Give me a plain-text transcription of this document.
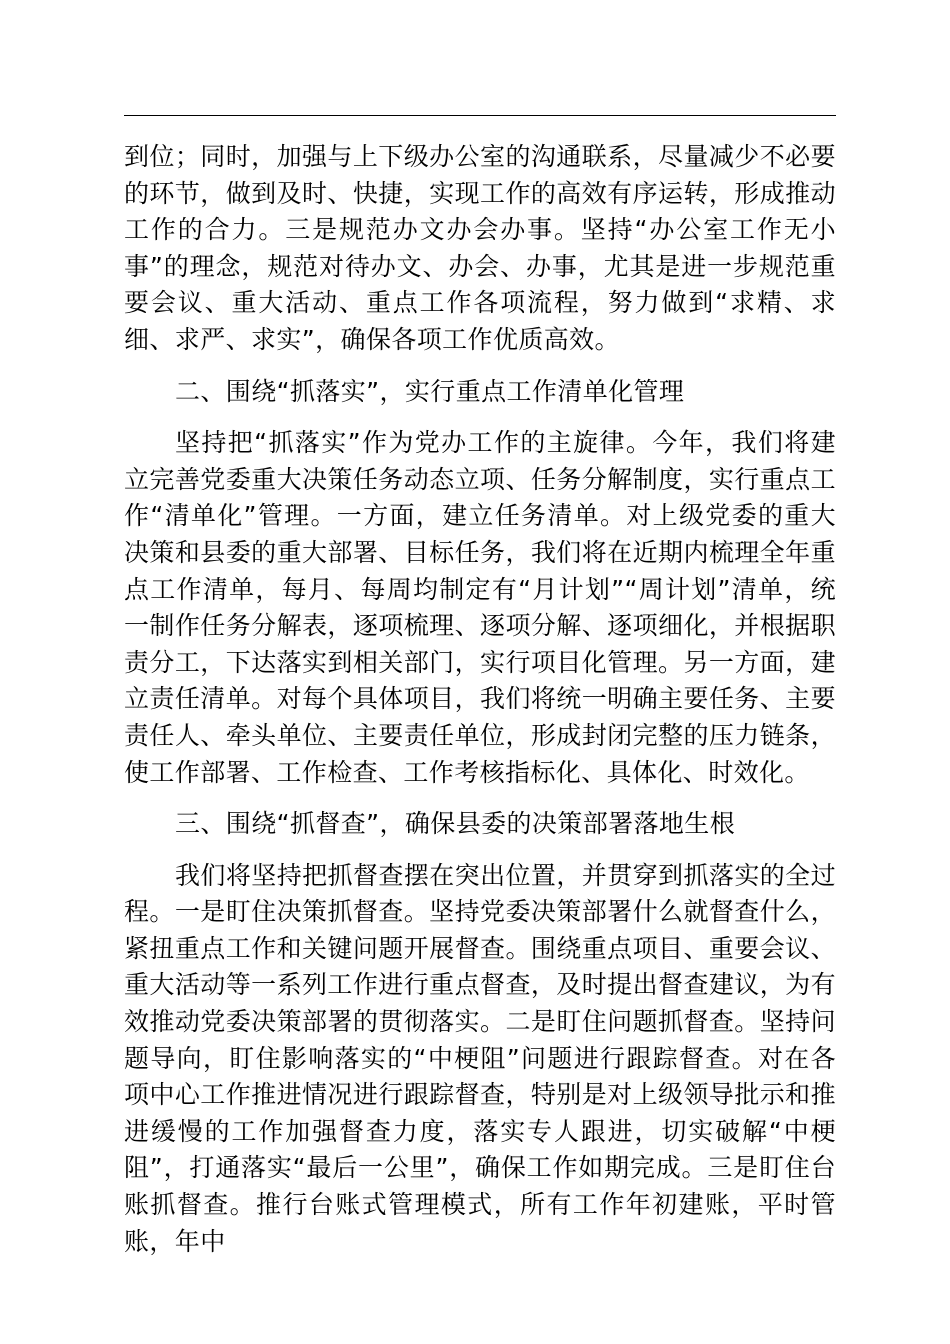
到位；同时，加强与上下级办公室的沟通联系，尽量减少不必要的环节，做到及时、快捷，实现工作的高效有序运转，形成推动工作的合力。三是规范办文办会办事。坚持“办公室工作无小事”的理念，规范对待办文、办会、办事，尤其是进一步规范重要会议、重大活动、重点工作各项流程，努力做到“求精、求细、求严、求实”，确保各项工作优质高效。

二、围绕“抓落实”，实行重点工作清单化管理

坚持把“抓落实”作为党办工作的主旋律。今年，我们将建立完善党委重大决策任务动态立项、任务分解制度，实行重点工作“清单化”管理。一方面，建立任务清单。对上级党委的重大决策和县委的重大部署、目标任务，我们将在近期内梳理全年重点工作清单，每月、每周均制定有“月计划”“周计划”清单，统一制作任务分解表，逐项梳理、逐项分解、逐项细化，并根据职责分工，下达落实到相关部门，实行项目化管理。另一方面，建立责任清单。对每个具体项目，我们将统一明确主要任务、主要责任人、牵头单位、主要责任单位，形成封闭完整的压力链条，使工作部署、工作检查、工作考核指标化、具体化、时效化。

三、围绕“抓督查”，确保县委的决策部署落地生根

我们将坚持把抓督查摆在突出位置，并贯穿到抓落实的全过程。一是盯住决策抓督查。坚持党委决策部署什么就督查什么，紧扭重点工作和关键问题开展督查。围绕重点项目、重要会议、重大活动等一系列工作进行重点督查，及时提出督查建议，为有效推动党委决策部署的贯彻落实。二是盯住问题抓督查。坚持问题导向，盯住影响落实的“中梗阻”问题进行跟踪督查。对在各项中心工作推进情况进行跟踪督查，特别是对上级领导批示和推进缓慢的工作加强督查力度，落实专人跟进，切实破解“中梗阻”，打通落实“最后一公里”，确保工作如期完成。三是盯住台账抓督查。推行台账式管理模式，所有工作年初建账，平时管账，年中
